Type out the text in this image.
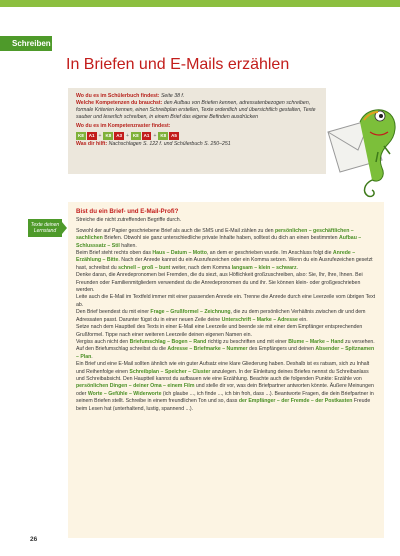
Schreiben
In Briefen und E-Mails erzählen
Wo du es im Schülerbuch findest: Seite 38 f.
Welche Kompetenzen du brauchst: den Aufbau von Briefen kennen, adressatenbezogen schreiben, formale Kriterien kennen, einen Schreibplan erstellen, Texte ordentlich und übersichtlich gestalten, Texte sauber und leserlich schreiben, in einem Brief das eigene Befinden ausdrücken
Wo du es im Kompetenzraster findest:
K8	A1 + K8	A3 + K8	A1 + K8	A5
Was dir hilft: Nachschlagen S. 122 f. und Schülerbuch S. 250–251
Texte deinen Lernstand
Bist du ein Brief- und E-Mail-Profi?

Streiche die nicht zutreffenden Begriffe durch.

Sowohl der auf Papier geschriebene Brief als auch die SMS und E-Mail zählen zu den persönlichen – geschäftlichen – sachlichen Briefen. Obwohl sie ganz unterschiedliche private Inhalte haben, solltest du dich an einen bestimmten Aufbau – Schlusssatz – Stil halten.

Beim Brief steht rechts oben das Haus – Datum – Motto, an dem er geschrieben wurde. Im Anschluss folgt die Anrede – Erzählung – Bitte. Nach der Anrede kannst du ein Ausrufezeichen oder ein Komma setzen. Wenn du ein Ausrufezeichen gesetzt hast, schreibst du schnell – groß – bunt weiter, nach dem Komma langsam – klein – schwarz.

Denke daran, die Anredepronomen bei Fremden, die du siezt, aus Höflichkeit großzuschreiben, also: Sie, Ihr, Ihre, Ihnen. Bei Freunden oder Familienmitgliedern verwendest du die Anredepronomen du und ihr. Sie können klein- oder großgeschrieben werden.

Leite auch die E-Mail im Textfeld immer mit einer passenden Anrede ein. Trenne die Anrede durch eine Leerzeile vom übrigen Text ab.

Den Brief beendest du mit einer Frage – Grußformel – Zeichnung, die zu dem persönlichen Verhältnis zwischen dir und dem Adressaten passt. Darunter fügst du in einer neuen Zeile deine Unterschrift – Marke – Adresse ein.

Setze nach dem Hauptteil des Texts in einer E-Mail eine Leerzeile und beende sie mit einer dem Empfänger entsprechenden Grußformel. Tippe nach einer weiteren Leerzeile deinen eigenen Namen ein.

Vergiss auch nicht den Briefumschlag – Bogen – Rand richtig zu beschriften und mit einer Blume – Marke – Hand zu versehen. Auf den Briefumschlag schreibst du die Adresse – Briefmarke – Nummer des Empfängers und deinen Absender – Spitznamen – Plan.

Ein Brief und eine E-Mail sollten ähnlich wie ein guter Aufsatz eine klare Gliederung haben. Deshalb ist es ratsam, sich zu Inhalt und Reihenfolge einen Schreibplan – Speicher – Cluster anzulegen. In der Einleitung deines Briefes nennst du Schreibanlass und Schreibabsicht. Den Hauptteil kannst du aufbauen wie eine Erzählung. Beachte auch die folgenden Punkte: Erzähle von persönlichen Dingen – deiner Oma – einem Film und stelle dir vor, was dein Briefpartner antworten könnte. Äußere Meinungen oder Worte – Gefühle – Widerworte (ich glaube ..., ich finde ..., ich bin froh, dass ...). Beantworte Fragen, die dein Briefpartner in seinem Briefen stellt. Schreibe in einem freundlichen Ton und so, dass der Empfänger – der Fremde – der Postkasten Freude beim Lesen hat (unterhaltend, lustig, spannend ...).

26
